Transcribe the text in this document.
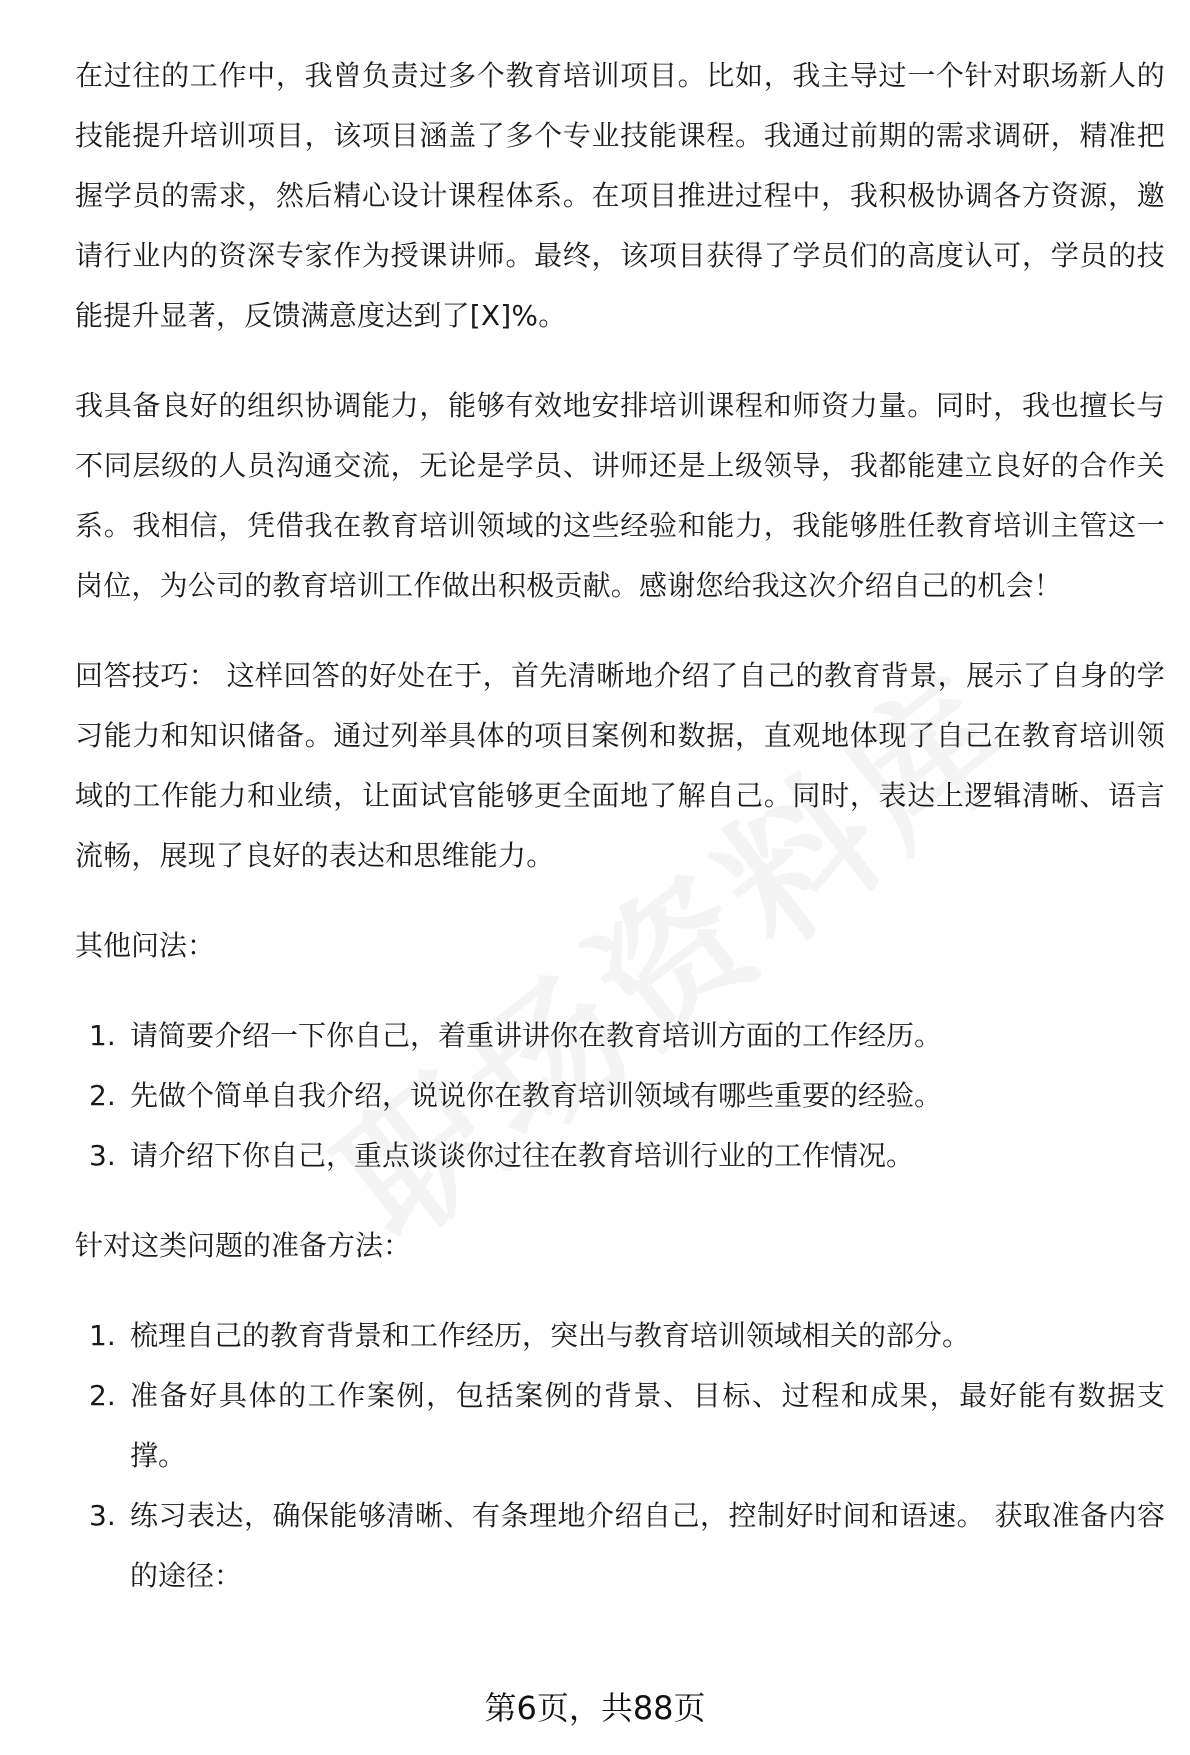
在过往的工作中，我曾负责过多个教育培训项目。比如，我主导过一个针对职场新人的技能提升培训项目，该项目涵盖了多个专业技能课程。我通过前期的需求调研，精准把握学员的需求，然后精心设计课程体系。在项目推进过程中，我积极协调各方资源，邀请行业内的资深专家作为授课讲师。最终，该项目获得了学员们的高度认可，学员的技能提升显著，反馈满意度达到了[X]%。

我具备良好的组织协调能力，能够有效地安排培训课程和师资力量。同时，我也擅长与不同层级的人员沟通交流，无论是学员、讲师还是上级领导，我都能建立良好的合作关系。我相信，凭借我在教育培训领域的这些经验和能力，我能够胜任教育培训主管这一岗位，为公司的教育培训工作做出积极贡献。感谢您给我这次介绍自己的机会！

回答技巧： 这样回答的好处在于，首先清晰地介绍了自己的教育背景，展示了自身的学习能力和知识储备。通过列举具体的项目案例和数据，直观地体现了自己在教育培训领域的工作能力和业绩，让面试官能够更全面地了解自己。同时，表达上逻辑清晰、语言流畅，展现了良好的表达和思维能力。

其他问法：
1. 请简要介绍一下你自己，着重讲讲你在教育培训方面的工作经历。
2. 先做个简单自我介绍，说说你在教育培训领域有哪些重要的经验。
3. 请介绍下你自己，重点谈谈你过往在教育培训行业的工作情况。
针对这类问题的准备方法：
1. 梳理自己的教育背景和工作经历，突出与教育培训领域相关的部分。
2. 准备好具体的工作案例，包括案例的背景、目标、过程和成果，最好能有数据支撑。
3. 练习表达，确保能够清晰、有条理地介绍自己，控制好时间和语速。 获取准备内容的途径：
第6页，共88页
